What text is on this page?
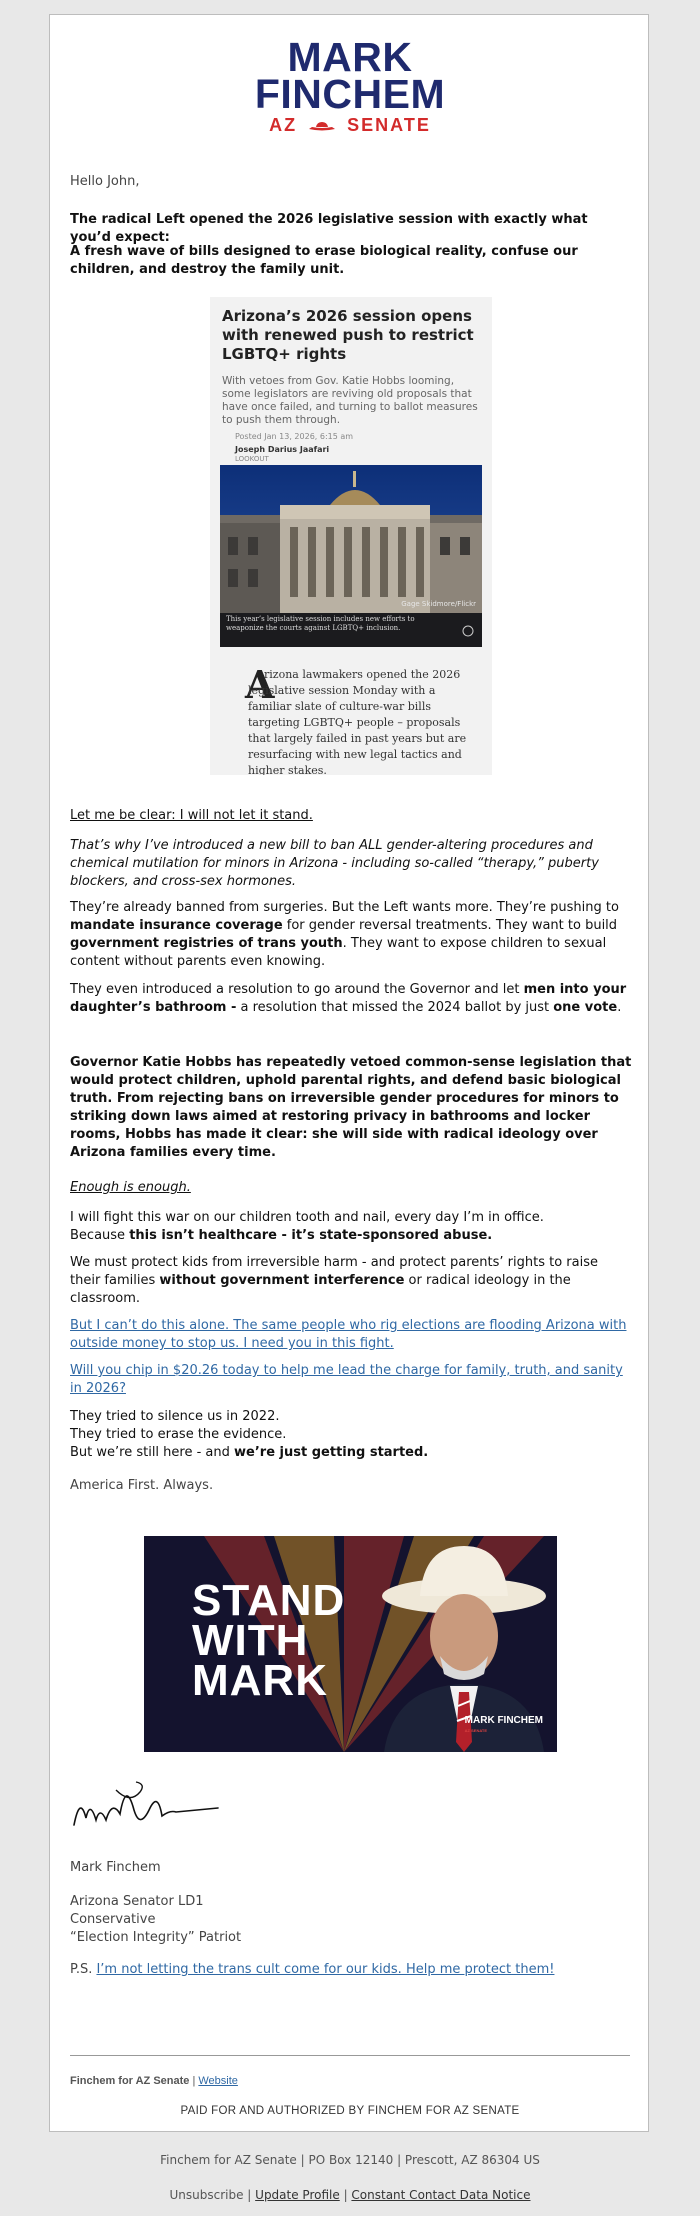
MARK
FINCHEM
AZ	SENATE

Hello John,

The radical Left opened the 2026 legislative session with exactly what you’d expect:

A fresh wave of bills designed to erase biological reality, confuse our children, and destroy the family unit.

Arizona’s 2026 session opens with renewed push to restrict LGBTQ+ rights
With vetoes from Gov. Katie Hobbs looming, some legislators are reviving old proposals that have once failed, and turning to ballot measures to push them through.
Posted Jan 13, 2026, 6:15 am
Joseph Darius Jaafari
LOOKOUT
Gage Skidmore/Flickr
This year’s legislative session includes new efforts to weaponize the courts against LGBTQ+ inclusion.
A
rizona lawmakers opened the 2026 legislative session Monday with a familiar slate of culture-war bills targeting LGBTQ+ people – proposals that largely failed in past years but are resurfacing with new legal tactics and higher stakes.

Let me be clear: I will not let it stand.

That’s why I’ve introduced a new bill to ban ALL gender-altering procedures and chemical mutilation for minors in Arizona - including so-called “therapy,” puberty blockers, and cross-sex hormones.

They’re already banned from surgeries. But the Left wants more. They’re pushing to mandate insurance coverage for gender reversal treatments. They want to build government registries of trans youth. They want to expose children to sexual content without parents even knowing.

They even introduced a resolution to go around the Governor and let men into your daughter’s bathroom - a resolution that missed the 2024 ballot by just one vote.

Governor Katie Hobbs has repeatedly vetoed common-sense legislation that would protect children, uphold parental rights, and defend basic biological truth. From rejecting bans on irreversible gender procedures for minors to striking down laws aimed at restoring privacy in bathrooms and locker rooms, Hobbs has made it clear: she will side with radical ideology over Arizona families every time.

Enough is enough.

I will fight this war on our children tooth and nail, every day I’m in office.
Because this isn’t healthcare - it’s state-sponsored abuse.

We must protect kids from irreversible harm - and protect parents’ rights to raise their families without government interference or radical ideology in the classroom.

But I can’t do this alone. The same people who rig elections are flooding Arizona with outside money to stop us. I need you in this fight.
Will you chip in $20.26 today to help me lead the charge for family, truth, and sanity in 2026?

They tried to silence us in 2022.
They tried to erase the evidence.
But we’re still here - and we’re just getting started.

America First. Always.

STAND
WITH
MARK
MARK FINCHEM
AZ SENATE

Mark Finchem

Arizona Senator LD1
Conservative
“Election Integrity” Patriot

P.S. I’m not letting the trans cult come for our kids. Help me protect them!

Finchem for AZ Senate | Website
PAID FOR AND AUTHORIZED BY FINCHEM FOR AZ SENATE
Finchem for AZ Senate | PO Box 12140 | Prescott, AZ 86304 US
Unsubscribe | Update Profile | Constant Contact Data Notice
